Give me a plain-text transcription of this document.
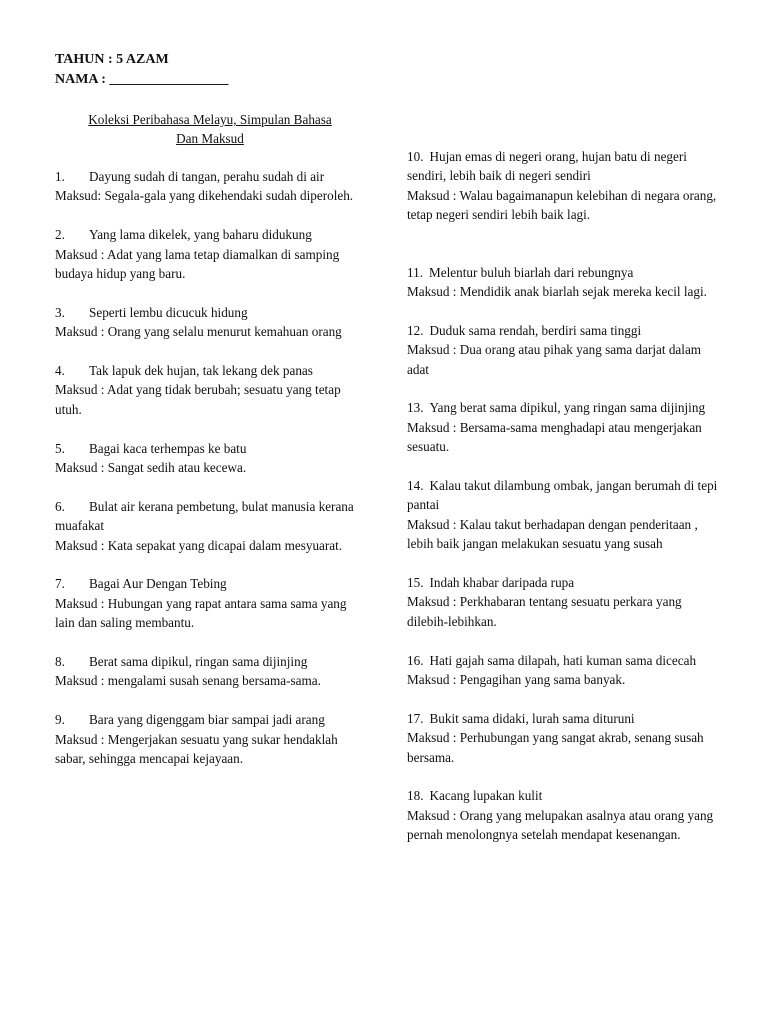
TAHUN : 5 AZAM
NAMA : _________________
Koleksi Peribahasa Melayu, Simpulan Bahasa
Dan Maksud
1. Dayung sudah di tangan, perahu sudah di air
Maksud: Segala-gala yang dikehendaki sudah diperoleh.
2. Yang lama dikelek, yang baharu didukung
Maksud : Adat yang lama tetap diamalkan di samping budaya hidup yang baru.
3. Seperti lembu dicucuk hidung
Maksud : Orang yang selalu menurut kemahuan orang
4. Tak lapuk dek hujan, tak lekang dek panas
Maksud : Adat yang tidak berubah; sesuatu yang tetap utuh.
5. Bagai kaca terhempas ke batu
Maksud : Sangat sedih atau kecewa.
6. Bulat air kerana pembetung, bulat manusia kerana muafakat
Maksud : Kata sepakat yang dicapai dalam mesyuarat.
7. Bagai Aur Dengan Tebing
Maksud : Hubungan yang rapat antara sama sama yang lain dan saling membantu.
8. Berat sama dipikul, ringan sama dijinjing
Maksud : mengalami susah senang bersama-sama.
9. Bara yang digenggam biar sampai jadi arang
Maksud : Mengerjakan sesuatu yang sukar hendaklah sabar, sehingga mencapai kejayaan.
10. Hujan emas di negeri orang, hujan batu di negeri sendiri, lebih baik di negeri sendiri
Maksud : Walau bagaimanapun kelebihan di negara orang, tetap negeri sendiri lebih baik lagi.
11. Melentur buluh biarlah dari rebungnya
Maksud : Mendidik anak biarlah sejak mereka kecil lagi.
12. Duduk sama rendah, berdiri sama tinggi
Maksud : Dua orang atau pihak yang sama darjat dalam adat
13. Yang berat sama dipikul, yang ringan sama dijinjing
Maksud : Bersama-sama menghadapi atau mengerjakan sesuatu.
14. Kalau takut dilambung ombak, jangan berumah di tepi pantai
Maksud : Kalau takut berhadapan dengan penderitaan , lebih baik jangan melakukan sesuatu yang susah
15. Indah khabar daripada rupa
Maksud : Perkhabaran tentang sesuatu perkara yang dilebih-lebihkan.
16. Hati gajah sama dilapah, hati kuman sama dicecah
Maksud : Pengagihan yang sama banyak.
17. Bukit sama didaki, lurah sama dituruni
Maksud : Perhubungan yang sangat akrab, senang susah bersama.
18. Kacang lupakan kulit
Maksud : Orang yang melupakan asalnya atau orang yang pernah menolongnya setelah mendapat kesenangan.
